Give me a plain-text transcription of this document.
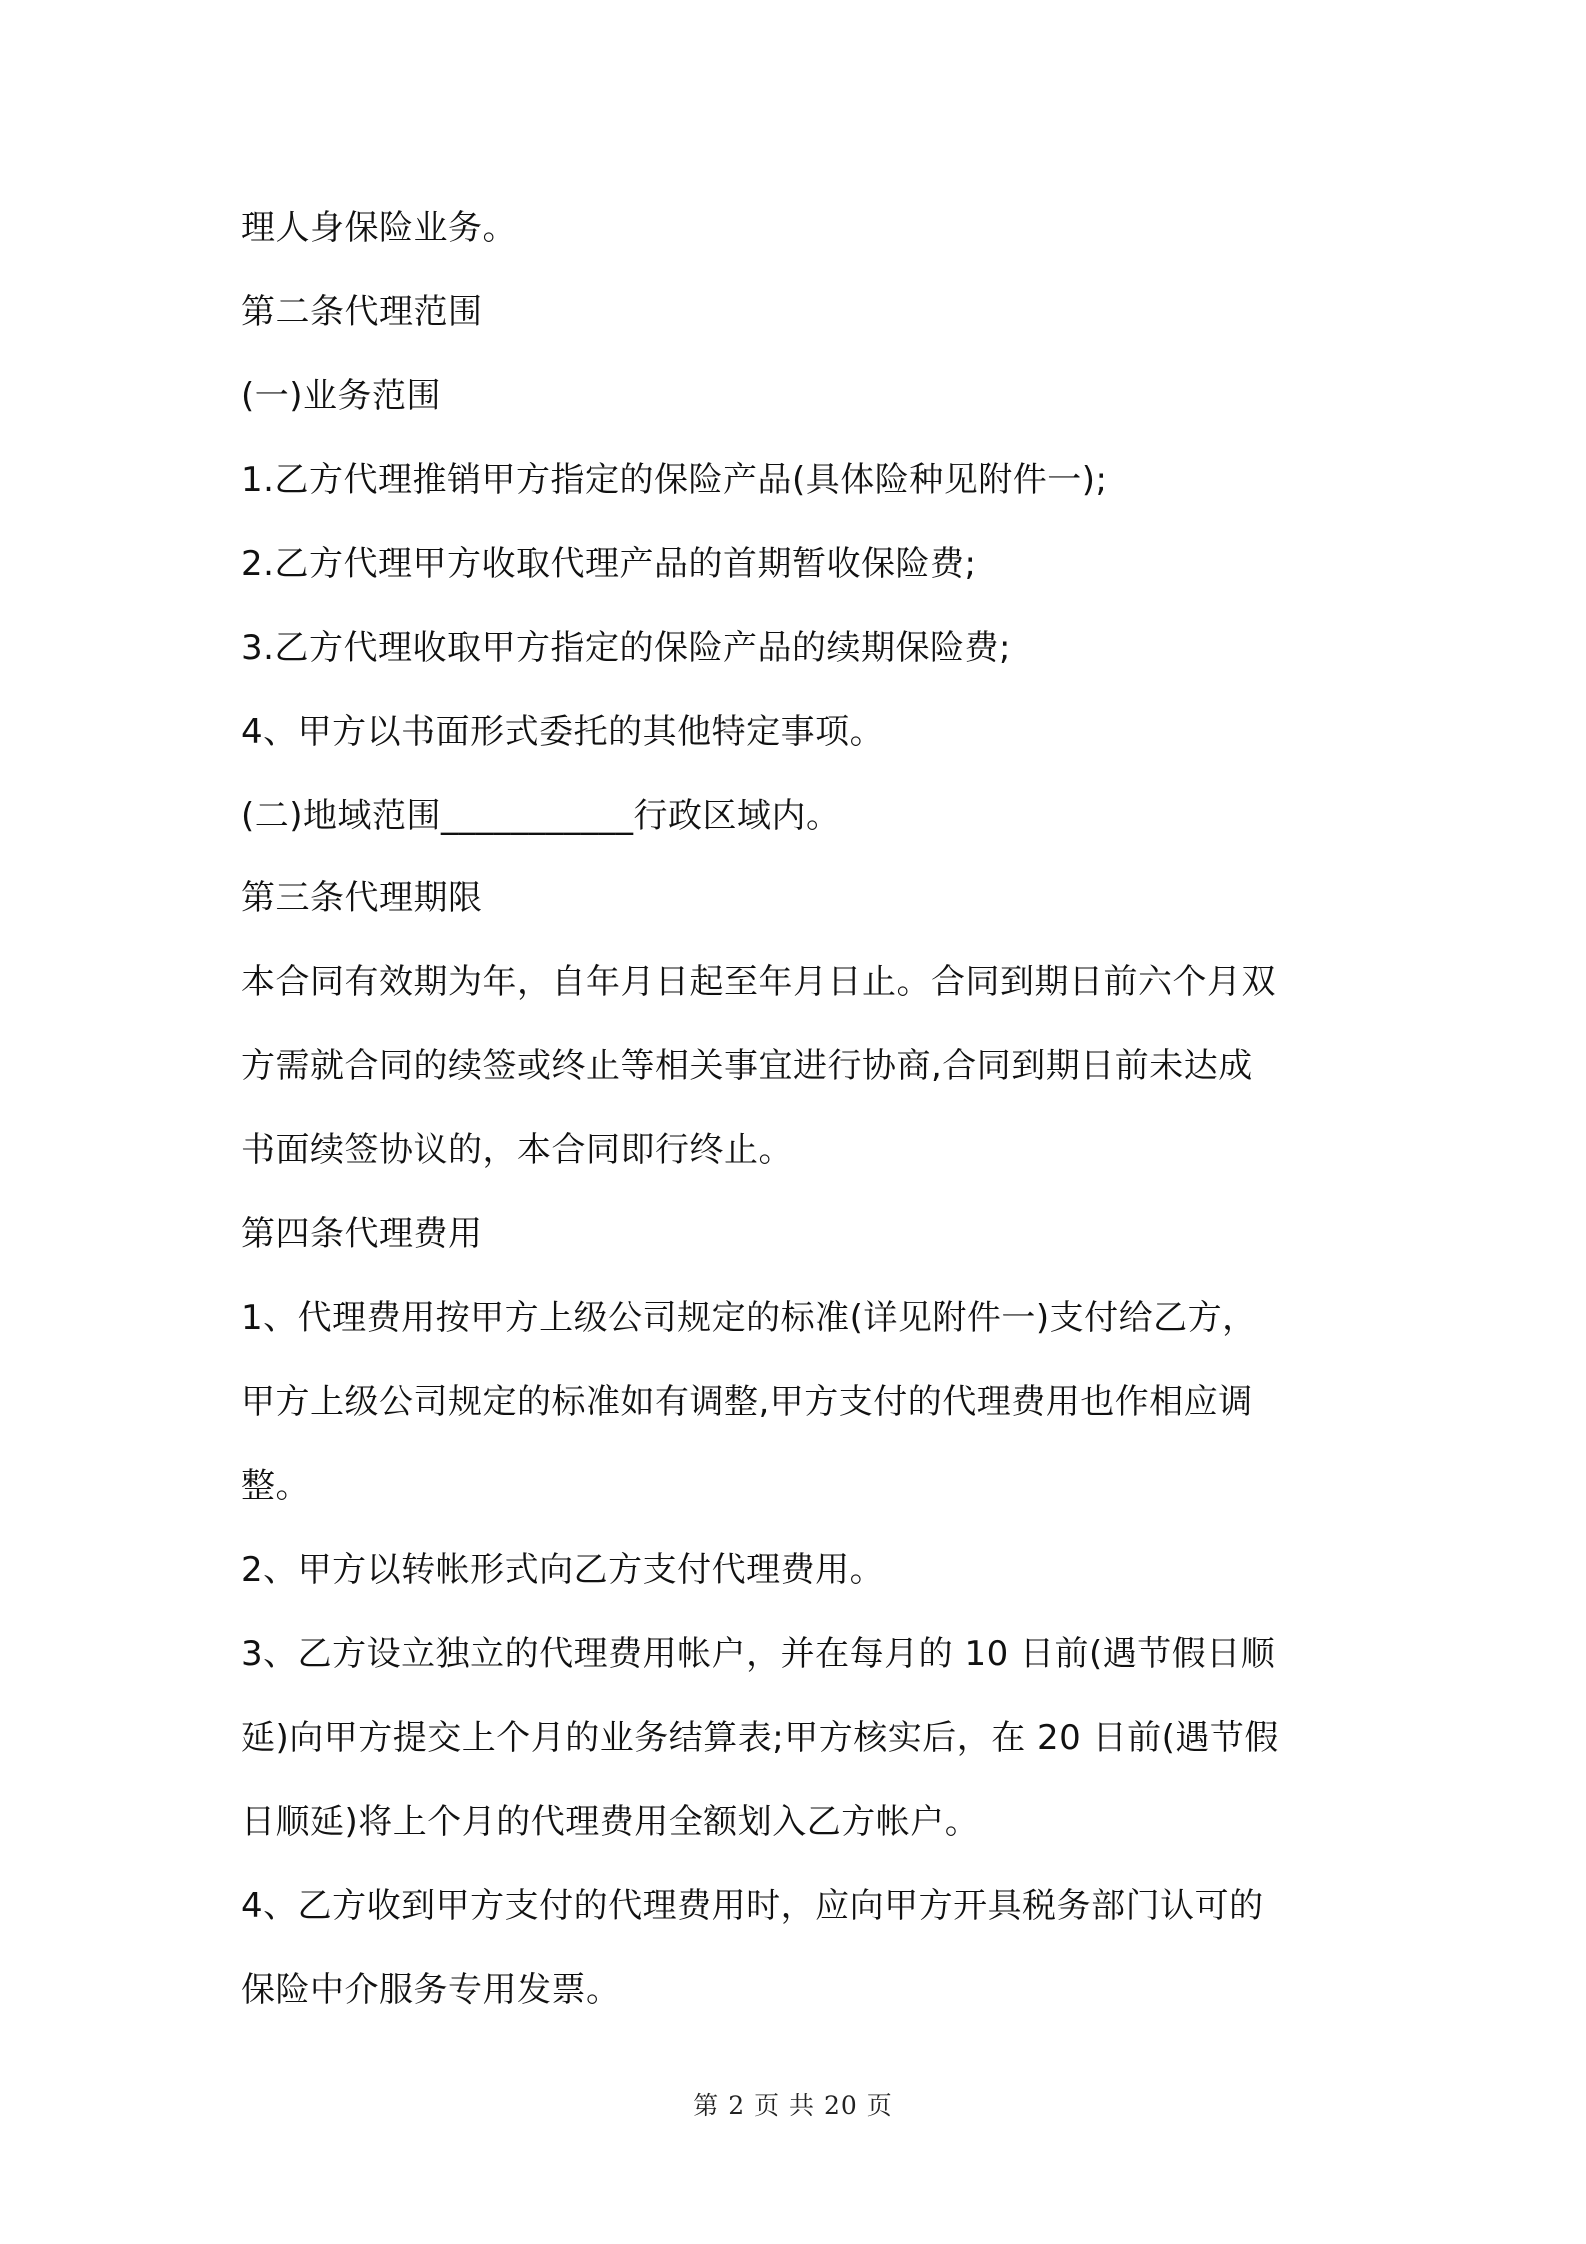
理人身保险业务。
第二条代理范围
(一)业务范围
1.乙方代理推销甲方指定的保险产品(具体险种见附件一);
2.乙方代理甲方收取代理产品的首期暂收保险费;
3.乙方代理收取甲方指定的保险产品的续期保险费;
4、甲方以书面形式委托的其他特定事项。
(二)地域范围___________行政区域内。
第三条代理期限
本合同有效期为年，自年月日起至年月日止。合同到期日前六个月双
方需就合同的续签或终止等相关事宜进行协商,合同到期日前未达成
书面续签协议的，本合同即行终止。
第四条代理费用
1、代理费用按甲方上级公司规定的标准(详见附件一)支付给乙方，
甲方上级公司规定的标准如有调整,甲方支付的代理费用也作相应调
整。
2、甲方以转帐形式向乙方支付代理费用。
3、乙方设立独立的代理费用帐户，并在每月的 10 日前(遇节假日顺
延)向甲方提交上个月的业务结算表;甲方核实后，在 20 日前(遇节假
日顺延)将上个月的代理费用全额划入乙方帐户。
4、乙方收到甲方支付的代理费用时，应向甲方开具税务部门认可的
保险中介服务专用发票。
第 2 页 共 20 页
